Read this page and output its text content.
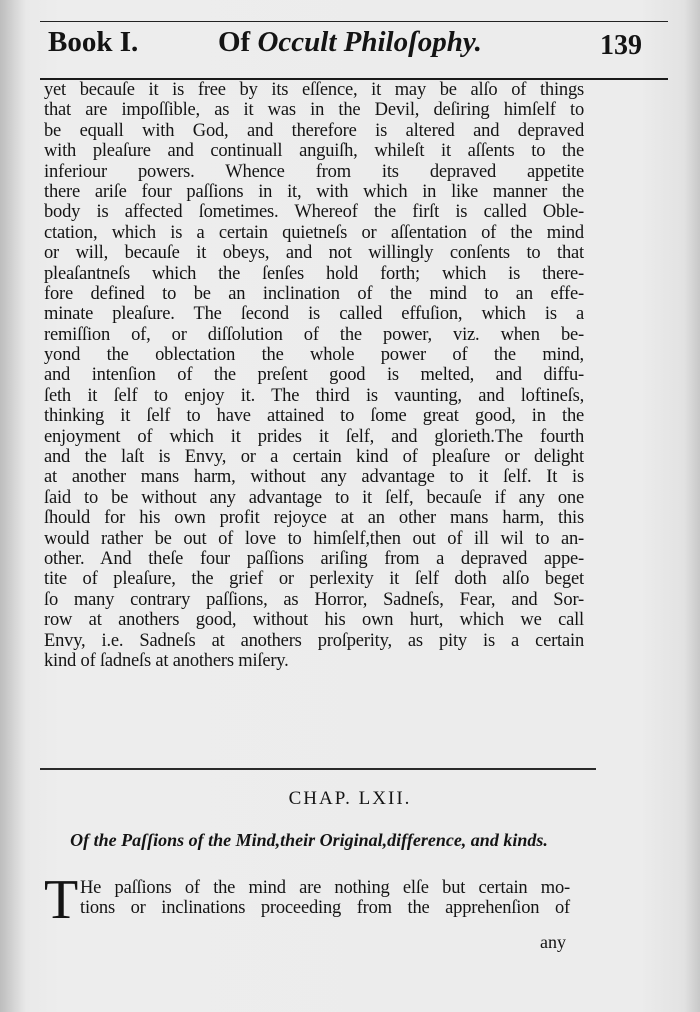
Book I.	Of Occult Philoſophy.	139
yet becauſe it is free by its eſſence, it may be alſo of things
that are impoſſible, as it was in the Devil, deſiring himſelf to
be equall with God, and therefore is altered and depraved
with pleaſure and continuall anguiſh, whileſt it aſſents to the
inferiour powers. Whence from its depraved appetite
there ariſe four paſſions in it, with which in like manner the
body is affected ſometimes. Whereof the firſt is called Oble-
ctation, which is a certain quietneſs or aſſentation of the mind
or will, becauſe it obeys, and not willingly conſents to that
pleaſantneſs which the ſenſes hold forth; which is there-
fore defined to be an inclination of the mind to an effe-
minate pleaſure. The ſecond is called effuſion, which is a
remiſſion of, or diſſolution of the power, viz. when be-
yond the oblectation the whole power of the mind,
and intenſion of the preſent good is melted, and diffu-
ſeth it ſelf to enjoy it. The third is vaunting, and loftineſs,
thinking it ſelf to have attained to ſome great good, in the
enjoyment of which it prides it ſelf, and glorieth.The fourth
and the laſt is Envy, or a certain kind of pleaſure or delight
at another mans harm, without any advantage to it ſelf. It is
ſaid to be without any advantage to it ſelf, becauſe if any one
ſhould for his own profit rejoyce at an other mans harm, this
would rather be out of love to himſelf,then out of ill wil to an-
other. And theſe four paſſions ariſing from a depraved appe-
tite of pleaſure, the grief or perlexity it ſelf doth alſo beget
ſo many contrary paſſions, as Horror, Sadneſs, Fear, and Sor-
row at anothers good, without his own hurt, which we call
Envy, i.e. Sadneſs at anothers proſperity, as pity is a certain
kind of ſadneſs at anothers miſery.
CHAP. LXII.
Of the Paſſions of the Mind,their Original,difference, and kinds.
T He paſſions of the mind are nothing elſe but certain mo-
tions or inclinations proceeding from the apprehenſion of
any
